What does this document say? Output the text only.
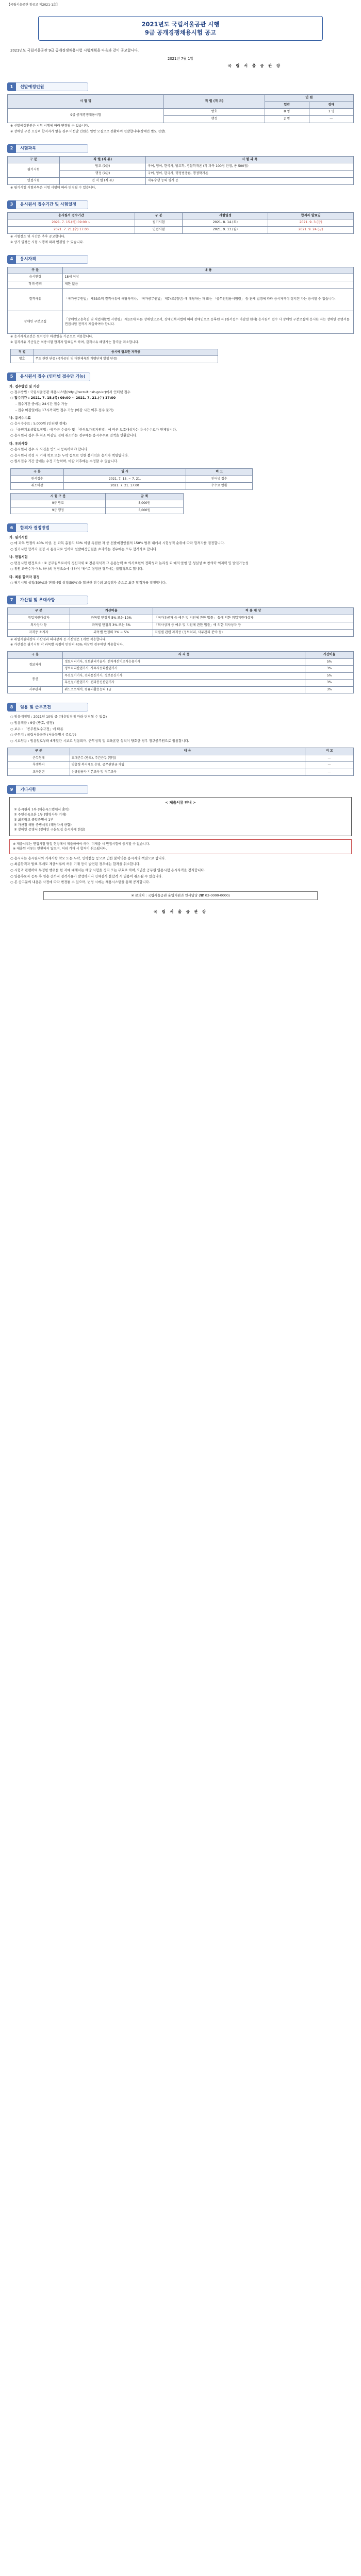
【국립서울공관 청공고 제2021-1호】
2021년도 국립서울공관 시행
9급 공개경쟁채용시험 공고
2021년도 국립서울공관 9급 공개경쟁채용시험 시행계획을 다음과 같이 공고합니다.
2021년 7월 1일
국 립 서 울 공 관 장
1	선발예정인원
시 험 명	직 렬 (직 류)	인 원	
		일반	장애
9급 공개경쟁채용시험	방호	8 명	1 명
	행정	2 명	—
※ 선발예정인원은 시험 시행에 따라 변경될 수 있습니다.
※ 장애인 구분 모집의 합격자가 없을 경우 미선발 인원은 일반 모집으로 전환하여 선발합니다(장애인 별도 선발).
2	시험과목
구 분	직 렬 (직 류)	시 험 과 목
필기시험	방호 (9급)	국어, 영어, 한국사, 방호학, 경찰학개론 (각 과목 100점 만점, 총 500점)
	행정 (9급)	국어, 영어, 한국사, 행정법총론, 행정학개론
면접시험	전 직 렬 (직 류)	직무수행 능력 평가 등
※ 필기시험 시험과목은 시험 시행에 따라 변경될 수 있습니다.
3	응시원서 접수기간 및 시험일정
응시원서 접수기간	구 분	시험일정	합격자 발표일
2021. 7. 15.(목) 09:00 ~	필기시험	2021. 8. 14.(토)	2021. 9. 3.(금)
2021. 7. 21.(수) 17:00	면접시험	2021. 9. 13.(월)	2021. 9. 24.(금)
※ 시험장소 및 시간은 추후 공고합니다.
※ 상기 일정은 시험 시행에 따라 변경될 수 있습니다.
4	응시자격
구 분	내 용
응시연령	18세 이상
학력·경력	제한 없음
결격사유	「국가공무원법」 제33조의 결격사유에 해당하거나, 「국가공무원법」 제74조(정년) 에 해당하는 자 또는 「공무원임용시험령」 등 관계 법령에 따라 응시자격이 정지된 자는 응시할 수 없습니다.
장애인 구분모집	「장애인고용촉진 및 직업재활법 시행령」 제3조에 따른 장애인으로서, 장애인복지법에 의해 장애인으로 등록된 자 (원서접수 마감일 현재) 응시원서 접수 시 장애인 구분모집에 응시한 자는 장애인 증명서를 면접시험 전까지 제출하여야 합니다.
※ 응시자격요건은 원서접수 마감일을 기준으로 적용합니다.
※ 결격사유 기준일은 최종시험 합격자 발표일로 하며, 결격사유 해당자는 합격을 취소합니다.
직 렬	응시에 필요한 자격증
방호	무도 관련 단증 (국가공인 및 대한체육회 가맹단체 발행 단증)
5	응시원서 접수 (인터넷 접수만 가능)
가. 접수방법 및 기간
○ 접수방법 : 국립서울공관 채용시스템(http://recruit.nsh.go.kr)에서 인터넷 접수
○ 접수기간 : 2021. 7. 15.(목) 09:00 ~ 2021. 7. 21.(수) 17:00
- 접수기간 중에는 24시간 접수 가능
- 접수 마감일에는 17시까지만 접수 가능 (마감 시간 이후 접수 불가)
나. 응시수수료
○ 응시수수료 : 5,000원 (인터넷 결제)
○ 「국민기초생활보장법」에 따른 수급자 및 「한부모가족지원법」에 따른 보호대상자는 응시수수료가 면제됩니다.
○ 응시원서 접수 후 취소 마감일 전에 취소하는 경우에는 응시수수료 전액을 반환합니다.
다. 유의사항
○ 응시원서 접수 시 사진을 반드시 등록하여야 합니다.
○ 응시원서 작성 시 기재 착오 또는 누락 등으로 인한 불이익은 응시자 책임입니다.
○ 원서접수 기간 중에는 수정 가능하며, 마감 이후에는 수정할 수 없습니다.
구 분	일 시	비 고
원서접수	2021. 7. 15. ~ 7. 21.	인터넷 접수
취소마감	2021. 7. 21. 17:00	수수료 반환
시 험 구 분	금 액
9급 방호	5,000원
9급 행정	5,000원
6	합격자 결정방법
가. 필기시험
○ 매 과목 만점의 40% 이상, 전 과목 총점의 60% 이상 득점한 자 중 선발예정인원의 150% 범위 내에서 시험성적 순위에 따라 합격자를 결정합니다.
○ 필기시험 합격자 결정 시 동점자로 인하여 선발예정인원을 초과하는 경우에는 모두 합격자로 합니다.
나. 면접시험
○ 면접시험 평정요소 : ① 공무원으로서의 정신자세 ② 전문지식과 그 응용능력 ③ 의사표현의 정확성과 논리성 ④ 예의·품행 및 성실성 ⑤ 창의력·의지력 및 발전가능성
○ 위원 과반수가 어느 하나의 평정요소에 대하여 "하"로 평정한 경우에는 불합격으로 합니다.
다. 최종 합격자 결정
○ 필기시험 성적(50%)과 면접시험 성적(50%)을 합산한 점수의 고득점자 순으로 최종 합격자를 결정합니다.
7	가산점 및 우대사항
구 분	가산비율	적 용 대 상
취업지원대상자	과목별 만점의 5% 또는 10%	「국가유공자 등 예우 및 지원에 관한 법률」 등에 의한 취업지원대상자
의사상자 등	과목별 만점의 3% 또는 5%	「의사상자 등 예우 및 지원에 관한 법률」에 의한 의사상자 등
자격증 소지자	과목별 만점의 3% ~ 5%	직렬별 관련 자격증 (정보처리, 사무관리 분야 등)
※ 취업지원대상자 가산점과 의사상자 등 가산점은 1개만 적용합니다.
※ 가산점은 필기시험 각 과목별 득점이 만점의 40% 이상인 경우에만 적용합니다.
구 분	자 격 증	가산비율
정보처리	정보처리기사, 정보관리기술사, 전자계산기조직응용기사	5%
	정보처리산업기사, 사무자동화산업기사	3%
통신	무선설비기사, 전파통신기사, 정보통신기사	5%
	무선설비산업기사, 전파통신산업기사	3%
사무관리	워드프로세서, 컴퓨터활용능력 1급	3%
8	임용 및 근무조건
○ 임용예정일 : 2021년 10월 중 (채용일정에 따라 변경될 수 있음)
○ 임용직급 : 9급 (방호, 행정)
○ 보수 : 「공무원보수규정」에 따름
○ 근무지 : 국립서울공관 (서울특별시 종로구)
○ 시보임용 : 임용일로부터 6개월간 시보로 임용되며, 근무성적 및 교육훈련 성적이 양호한 경우 정규공무원으로 임용합니다.
구 분	내 용	비 고
근무형태	교대근무 (방호), 주간근무 (행정)	—
후생복지	맞춤형 복지제도 운영, 공무원연금 가입	—
교육훈련	신규임용자 기본교육 및 직무교육	—
9	기타사항
< 제출서류 안내 >

① 응시원서 1부 (채용시스템에서 출력)

② 주민등록초본 1부 (병역사항 기재)

③ 최종학교 졸업증명서 1부

④ 가산점 해당 증빙서류 (해당자에 한함)

⑤ 장애인 증명서 (장애인 구분모집 응시자에 한함)

※ 제출서류는 면접시험 당일 현장에서 제출하여야 하며, 미제출 시 면접시험에 응시할 수 없습니다.

※ 제출된 서류는 반환하지 않으며, 허위 기재 시 합격이 취소됩니다.

○ 응시자는 응시원서의 기재사항 착오 또는 누락, 연락불능 등으로 인한 불이익은 응시자의 책임으로 합니다.
○ 최종합격자 발표 후에도 제출서류의 허위 기재 등이 발견된 경우에는 합격을 취소합니다.
○ 시험과 관련하여 부정한 행위를 한 자에 대해서는 해당 시험을 정지 또는 무효로 하며, 5년간 공무원 임용시험 응시자격을 정지합니다.
○ 임용후보자 등록 후 임용 전까지 결격사유가 발생하거나 신체검사 불합격 시 임용이 취소될 수 있습니다.
○ 본 공고문의 내용은 사정에 따라 변경될 수 있으며, 변경 시에는 채용시스템을 통해 공지합니다.
※ 문의처 : 국립서울공관 운영지원과 인사담당 (☎ 02-0000-0000)
국 립 서 울 공 관 장
